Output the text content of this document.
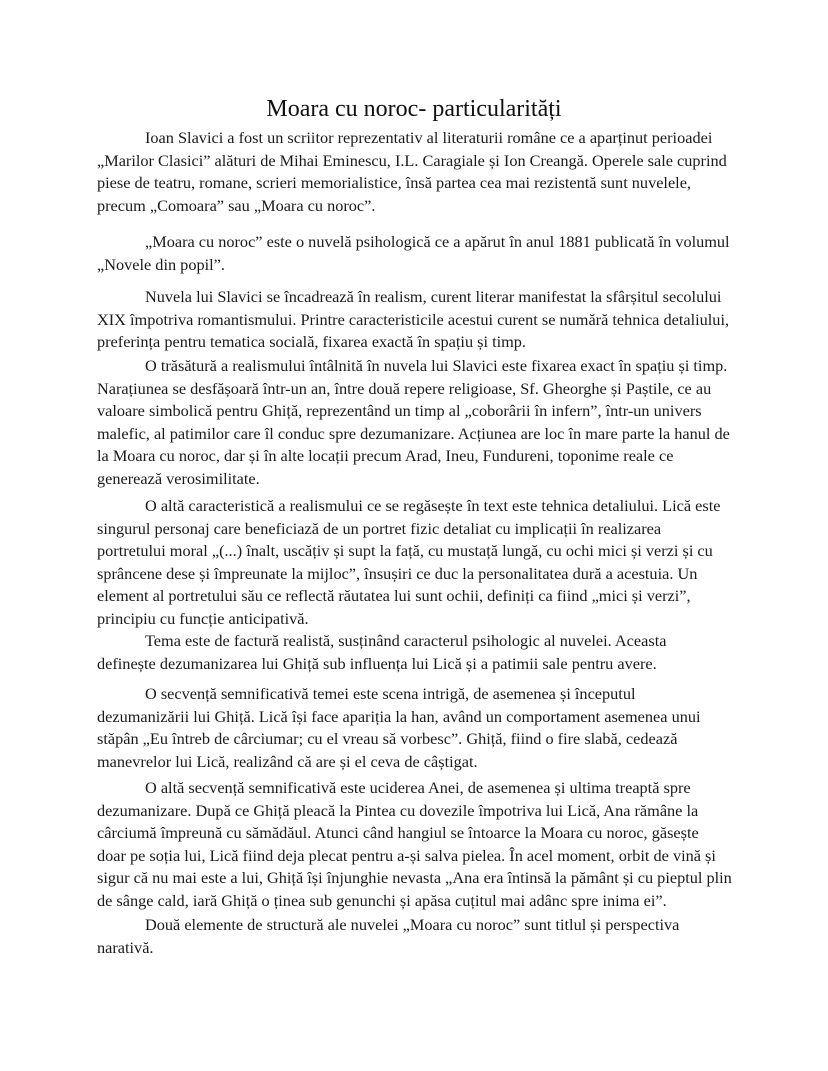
Moara cu noroc- particularități
Ioan Slavici a fost un scriitor reprezentativ al literaturii române ce a aparținut perioadei
„Marilor Clasici” alături de Mihai Eminescu, I.L. Caragiale și Ion Creangă. Operele sale cuprind
piese de teatru, romane, scrieri memorialistice, însă partea cea mai rezistentă sunt nuvelele,
precum „Comoara” sau „Moara cu noroc”.
„Moara cu noroc” este o nuvelă psihologică ce a apărut în anul 1881 publicată în volumul
„Novele din popil”.
Nuvela lui Slavici se încadrează în realism, curent literar manifestat la sfârșitul secolului
XIX împotriva romantismului. Printre caracteristicile acestui curent se numără tehnica detaliului,
preferința pentru tematica socială, fixarea exactă în spațiu și timp.
O trăsătură a realismului întâlnită în nuvela lui Slavici este fixarea exact în spațiu și timp.
Narațiunea se desfășoară într-un an, între două repere religioase, Sf. Gheorghe și Paștile, ce au
valoare simbolică pentru Ghiță, reprezentând un timp al „coborârii în infern”, într-un univers
malefic, al patimilor care îl conduc spre dezumanizare. Acțiunea are loc în mare parte la hanul de
la Moara cu noroc, dar și în alte locații precum Arad, Ineu, Fundureni, toponime reale ce
generează verosimilitate.
O altă caracteristică a realismului ce se regăsește în text este tehnica detaliului. Lică este
singurul personaj care beneficiază de un portret fizic detaliat cu implicații în realizarea
portretului moral „(...) înalt, uscățiv și supt la față, cu mustață lungă, cu ochi mici și verzi și cu
sprâncene dese și împreunate la mijloc”, însușiri ce duc la personalitatea dură a acestuia. Un
element al portretului său ce reflectă răutatea lui sunt ochii, definiți ca fiind „mici și verzi”,
principiu cu funcție anticipativă.
Tema este de factură realistă, susținând caracterul psihologic al nuvelei. Aceasta
definește dezumanizarea lui Ghiță sub influența lui Lică și a patimii sale pentru avere.
O secvență semnificativă temei este scena intrigă, de asemenea și începutul
dezumanizării lui Ghiță. Lică își face apariția la han, având un comportament asemenea unui
stăpân „Eu întreb de cârciumar; cu el vreau să vorbesc”. Ghiță, fiind o fire slabă, cedează
manevrelor lui Lică, realizând că are și el ceva de câștigat.
O altă secvență semnificativă este uciderea Anei, de asemenea și ultima treaptă spre
dezumanizare. După ce Ghiță pleacă la Pintea cu dovezile împotriva lui Lică, Ana rămâne la
cârciumă împreună cu sămădăul. Atunci când hangiul se întoarce la Moara cu noroc, găsește
doar pe soția lui, Lică fiind deja plecat pentru a-și salva pielea. În acel moment, orbit de vină și
sigur că nu mai este a lui, Ghiță își înjunghie nevasta „Ana era întinsă la pământ și cu pieptul plin
de sânge cald, iară Ghiță o ținea sub genunchi și apăsa cuțitul mai adânc spre inima ei”.
Două elemente de structură ale nuvelei „Moara cu noroc” sunt titlul și perspectiva
narativă.
